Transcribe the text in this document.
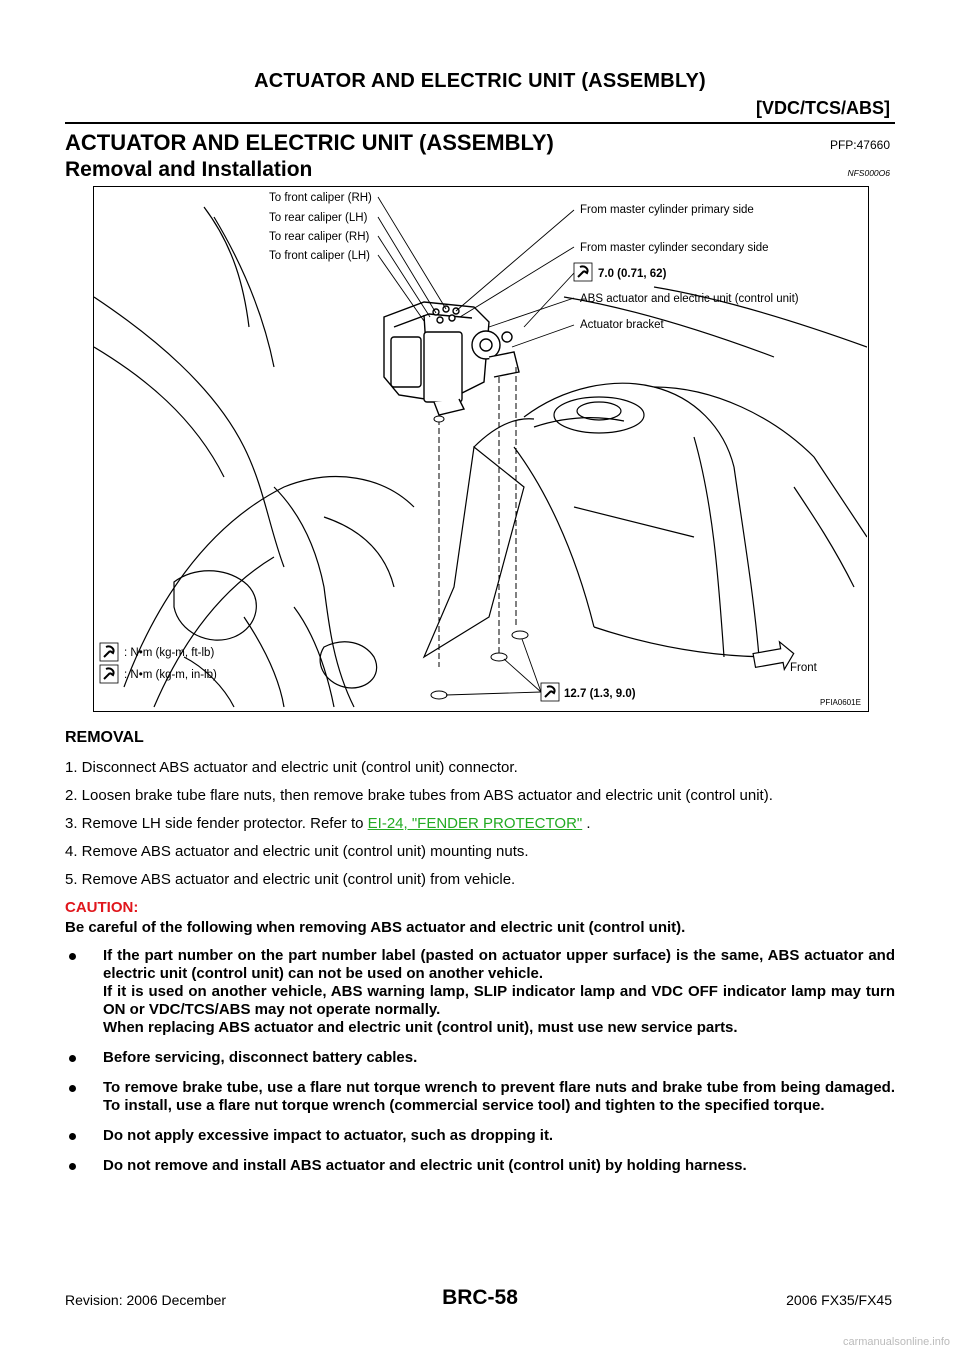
ACTUATOR AND ELECTRIC UNIT (ASSEMBLY)
[VDC/TCS/ABS]
ACTUATOR AND ELECTRIC UNIT (ASSEMBLY)	PFP:47660
Removal and Installation	NFS000O6
To front caliper (RH)
To rear caliper (LH)
To rear caliper (RH)
To front caliper (LH)
From master cylinder primary side
From master cylinder secondary side
7.0 (0.71, 62)
ABS actuator and electric unit (control unit)
Actuator bracket
Front
12.7 (1.3, 9.0)
: N•m (kg-m, ft-lb)
: N•m (kg-m, in-lb)
PFIA0601E
REMOVAL
1. Disconnect ABS actuator and electric unit (control unit) connector.
2. Loosen brake tube flare nuts, then remove brake tubes from ABS actuator and electric unit (control unit).
3. Remove LH side fender protector. Refer to EI-24, "FENDER PROTECTOR" .
4. Remove ABS actuator and electric unit (control unit) mounting nuts.
5. Remove ABS actuator and electric unit (control unit) from vehicle.
CAUTION:
Be careful of the following when removing ABS actuator and electric unit (control unit).
If the part number on the part number label (pasted on actuator upper surface) is the same, ABS actuator and electric unit (control unit) can not be used on another vehicle.
If it is used on another vehicle, ABS warning lamp, SLIP indicator lamp and VDC OFF indicator lamp may turn ON or VDC/TCS/ABS may not operate normally.
When replacing ABS actuator and electric unit (control unit), must use new service parts.
Before servicing, disconnect battery cables.
To remove brake tube, use a flare nut torque wrench to prevent flare nuts and brake tube from being damaged. To install, use a flare nut torque wrench (commercial service tool) and tighten to the specified torque.
Do not apply excessive impact to actuator, such as dropping it.
Do not remove and install ABS actuator and electric unit (control unit) by holding harness.
Revision: 2006 December	BRC-58	2006 FX35/FX45
carmanualsonline.info
